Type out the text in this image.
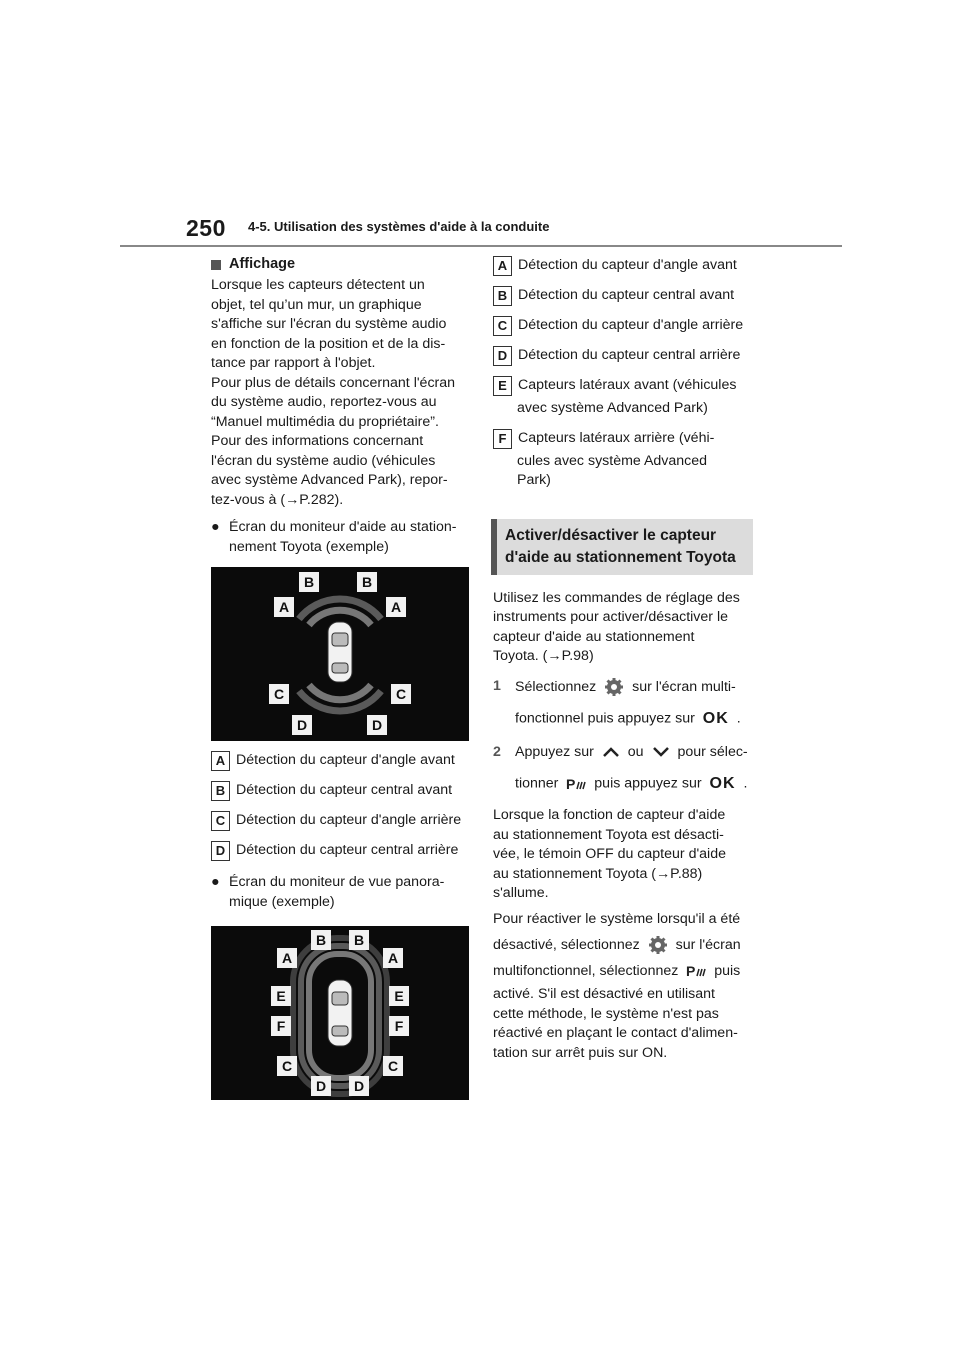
250 4-5. Utilisation des systèmes d'aide à la conduite
Affichage

Lorsque les capteurs détectent un
objet, tel qu’un mur, un graphique
s'affiche sur l'écran du système audio
en fonction de la position et de la dis-
tance par rapport à l'objet.
Pour plus de détails concernant l'écran
du système audio, reportez-vous au
“Manuel multimédia du propriétaire”.
Pour des informations concernant
l'écran du système audio (véhicules
avec système Advanced Park), repor-
tez-vous à (→P.282).

● Écran du moniteur d'aide au station-
nement Toyota (exemple)
B	B
A	A
C	C
D	D
A Détection du capteur d'angle avant
B Détection du capteur central avant
C Détection du capteur d'angle arrière
D Détection du capteur central arrière
● Écran du moniteur de vue panora-
mique (exemple)
B B
A	A
E	E
F	F
C	C
D D
A Détection du capteur d'angle avant
B Détection du capteur central avant
C Détection du capteur d'angle arrière
D Détection du capteur central arrière
E Capteurs latéraux avant (véhicules
avec système Advanced Park)
F Capteurs latéraux arrière (véhi-
cules avec système Advanced
Park)
Activer/désactiver le capteur
d'aide au stationnement Toyota

Utilisez les commandes de réglage des
instruments pour activer/désactiver le
capteur d'aide au stationnement
Toyota. (→P.98)

1 Sélectionnez	sur l'écran multi-
fonctionnel puis appuyez sur OK .
2 Appuyez sur ou pour sélec-
tionner P puis appuyez sur OK .

Lorsque la fonction de capteur d'aide
au stationnement Toyota est désacti-
vée, le témoin OFF du capteur d'aide
au stationnement Toyota (→P.88)
s'allume.

Pour réactiver le système lorsqu'il a été
désactivé, sélectionnez	sur l'écran
multifonctionnel, sélectionnez P puis
activé. S'il est désactivé en utilisant
cette méthode, le système n'est pas
réactivé en plaçant le contact d'alimen-
tation sur arrêt puis sur ON.
